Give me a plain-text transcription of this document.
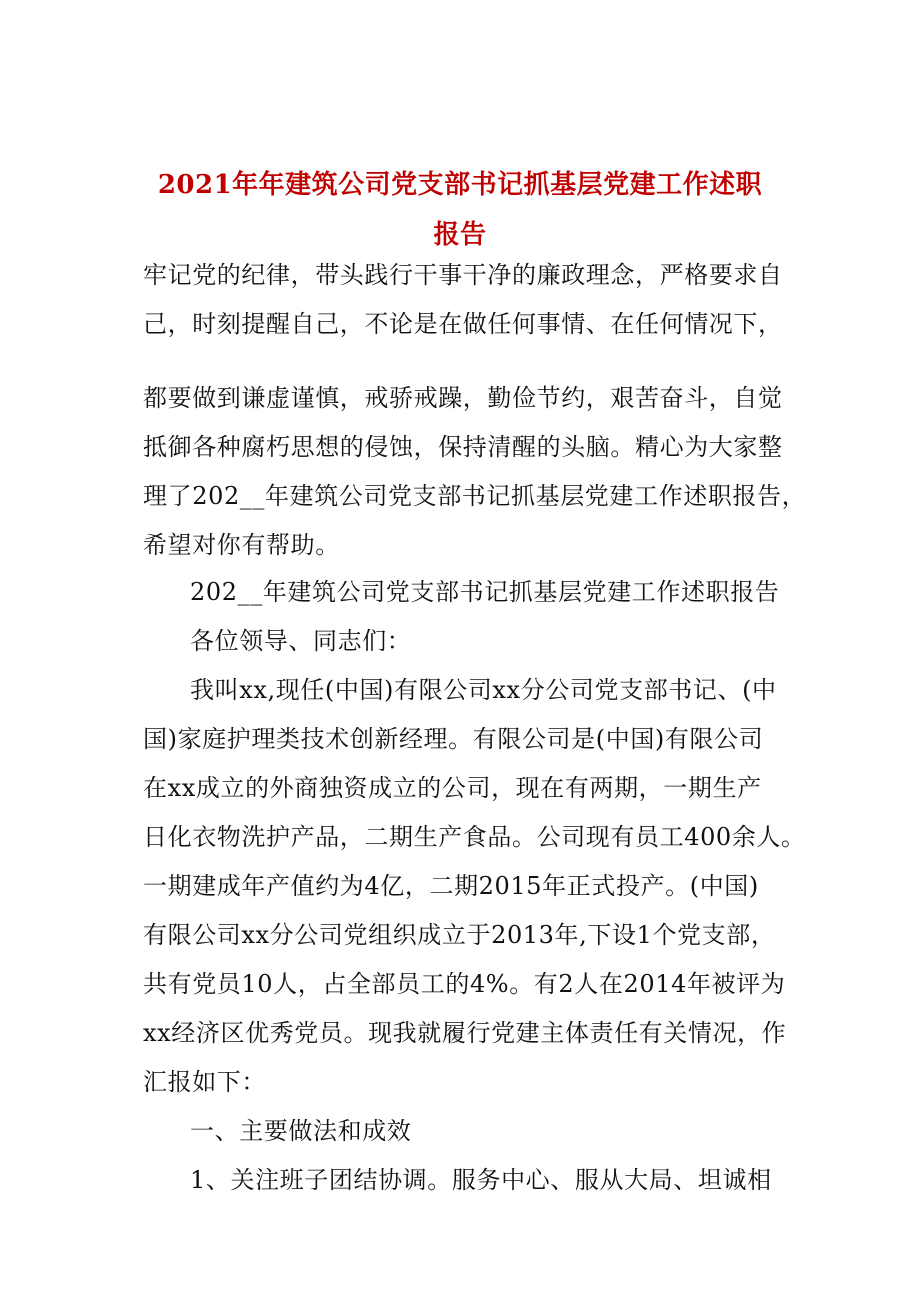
2021年年建筑公司党支部书记抓基层党建工作述职
报告
牢记党的纪律，带头践行干事干净的廉政理念，严格要求自
己，时刻提醒自己，不论是在做任何事情、在任何情况下，
都要做到谦虚谨慎，戒骄戒躁，勤俭节约，艰苦奋斗，自觉
抵御各种腐朽思想的侵蚀，保持清醒的头脑。精心为大家整
理了202__年建筑公司党支部书记抓基层党建工作述职报告，
希望对你有帮助。
202__年建筑公司党支部书记抓基层党建工作述职报告
各位领导、同志们：
我叫xx,现任(中国)有限公司xx分公司党支部书记、(中
国)家庭护理类技术创新经理。有限公司是(中国)有限公司
在xx成立的外商独资成立的公司，现在有两期，一期生产
日化衣物洗护产品，二期生产食品。公司现有员工400余人。
一期建成年产值约为4亿，二期2015年正式投产。(中国)
有限公司xx分公司党组织成立于2013年,下设1个党支部，
共有党员10人，占全部员工的4%。有2人在2014年被评为
xx经济区优秀党员。现我就履行党建主体责任有关情况，作
汇报如下：
一、主要做法和成效
1、关注班子团结协调。服务中心、服从大局、坦诚相
